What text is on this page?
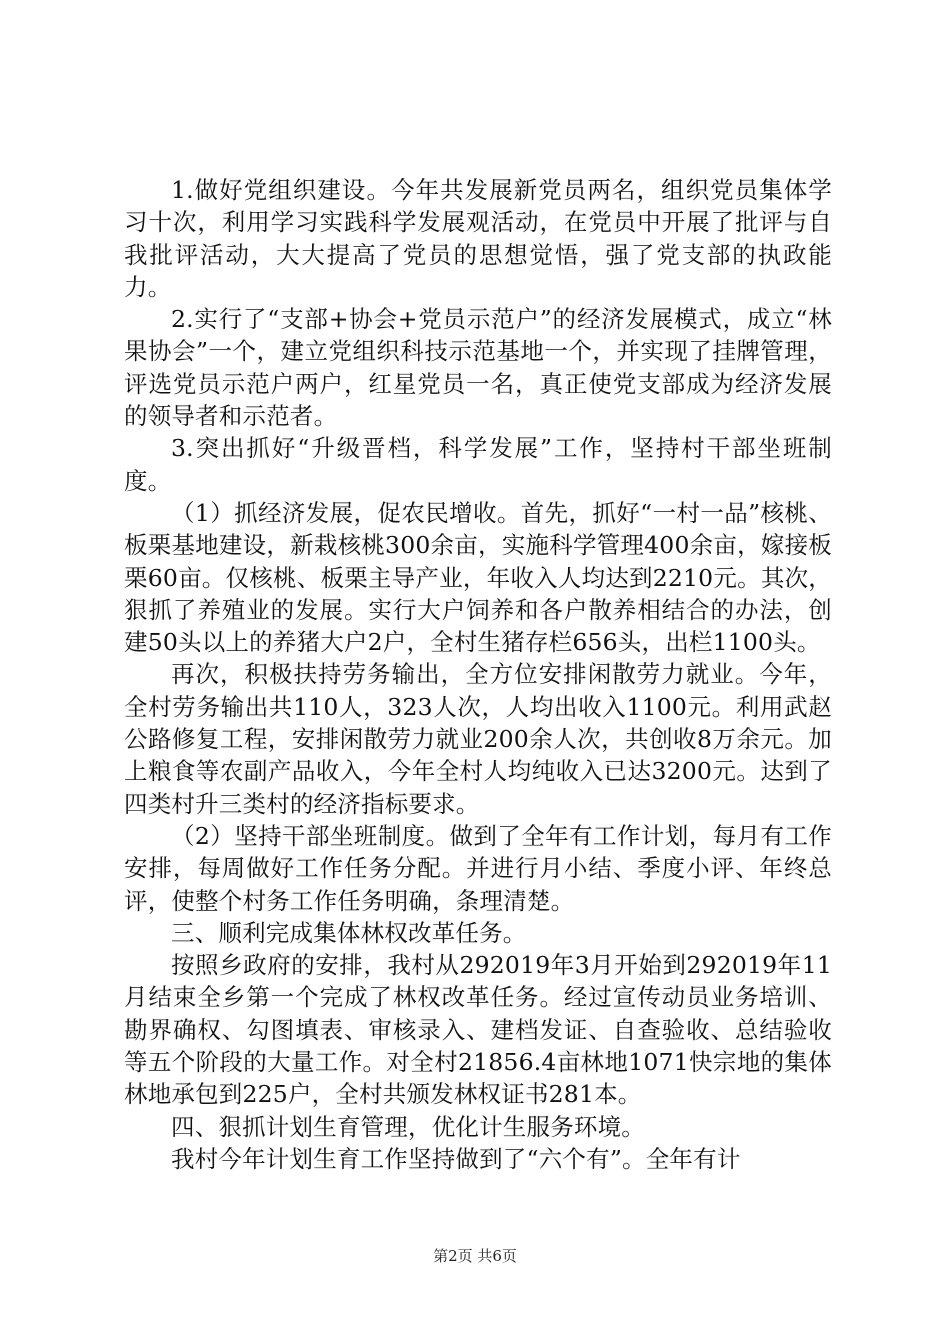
1.做好党组织建设。今年共发展新党员两名，组织党员集体学习十次，利用学习实践科学发展观活动，在党员中开展了批评与自我批评活动，大大提高了党员的思想觉悟，强了党支部的执政能力。

2.实行了“支部+协会+党员示范户”的经济发展模式，成立“林果协会”一个，建立党组织科技示范基地一个，并实现了挂牌管理，评选党员示范户两户，红星党员一名，真正使党支部成为经济发展的领导者和示范者。

3.突出抓好“升级晋档，科学发展”工作，坚持村干部坐班制度。

（1）抓经济发展，促农民增收。首先，抓好“一村一品”核桃、板栗基地建设，新栽核桃300余亩，实施科学管理400余亩，嫁接板栗60亩。仅核桃、板栗主导产业，年收入人均达到2210元。其次，狠抓了养殖业的发展。实行大户饲养和各户散养相结合的办法，创建50头以上的养猪大户2户，全村生猪存栏656头，出栏1100头。

再次，积极扶持劳务输出，全方位安排闲散劳力就业。今年，全村劳务输出共110人，323人次，人均出收入1100元。利用武赵公路修复工程，安排闲散劳力就业200余人次，共创收8万余元。加上粮食等农副产品收入，今年全村人均纯收入已达3200元。达到了四类村升三类村的经济指标要求。

（2）坚持干部坐班制度。做到了全年有工作计划，每月有工作安排，每周做好工作任务分配。并进行月小结、季度小评、年终总评，使整个村务工作任务明确，条理清楚。

三、顺利完成集体林权改革任务。

按照乡政府的安排，我村从292019年3月开始到292019年11月结束全乡第一个完成了林权改革任务。经过宣传动员业务培训、勘界确权、勾图填表、审核录入、建档发证、自查验收、总结验收等五个阶段的大量工作。对全村21856.4亩林地1071快宗地的集体林地承包到225户，全村共颁发林权证书281本。

四、狠抓计划生育管理，优化计生服务环境。

我村今年计划生育工作坚持做到了“六个有”。全年有计

第2页 共6页
